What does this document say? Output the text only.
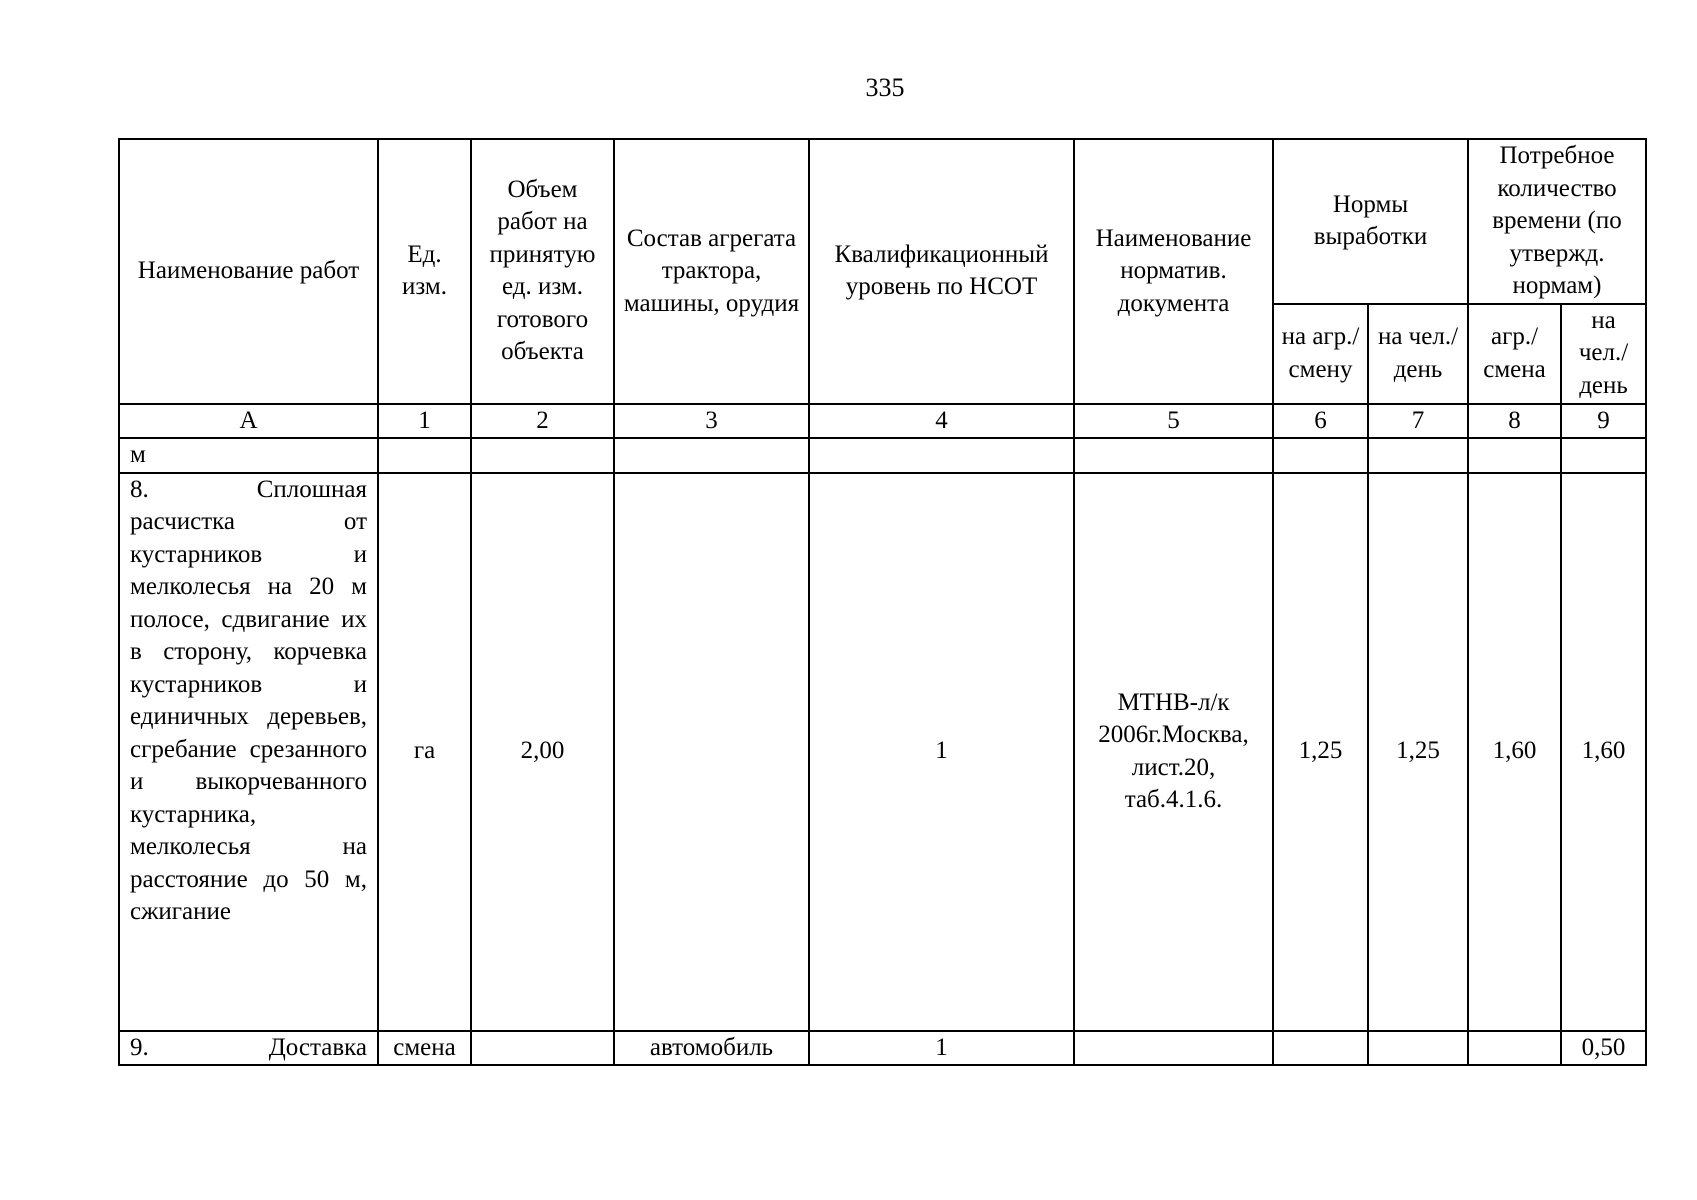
335
Наименование работ	Ед. изм.	Объем работ на принятую ед. изм. готового объекта	Состав агрегата трактора, машины, орудия	Квалификационный уровень по НСОТ	Наименование норматив. документа	Нормы выработки		Потребное количество времени (по утвержд. нормам)	
						на агр./ смену	на чел./ день	агр./ смена	на чел./ день
А	1	2	3	4	5	6	7	8	9
м									
8. Сплошная расчистка от кустарников и мелколесья на 20 м полосе, сдвигание их в сторону, корчевка кустарников и единичных деревьев, сгребание срезанного и выкорчеванного кустарника, мелколесья на расстояние до 50 м, сжигание	га	2,00		1	МТНВ-л/к 2006г.Москва, лист.20, таб.4.1.6.	1,25	1,25	1,60	1,60
9. Доставка	смена		автомобиль	1					0,50
